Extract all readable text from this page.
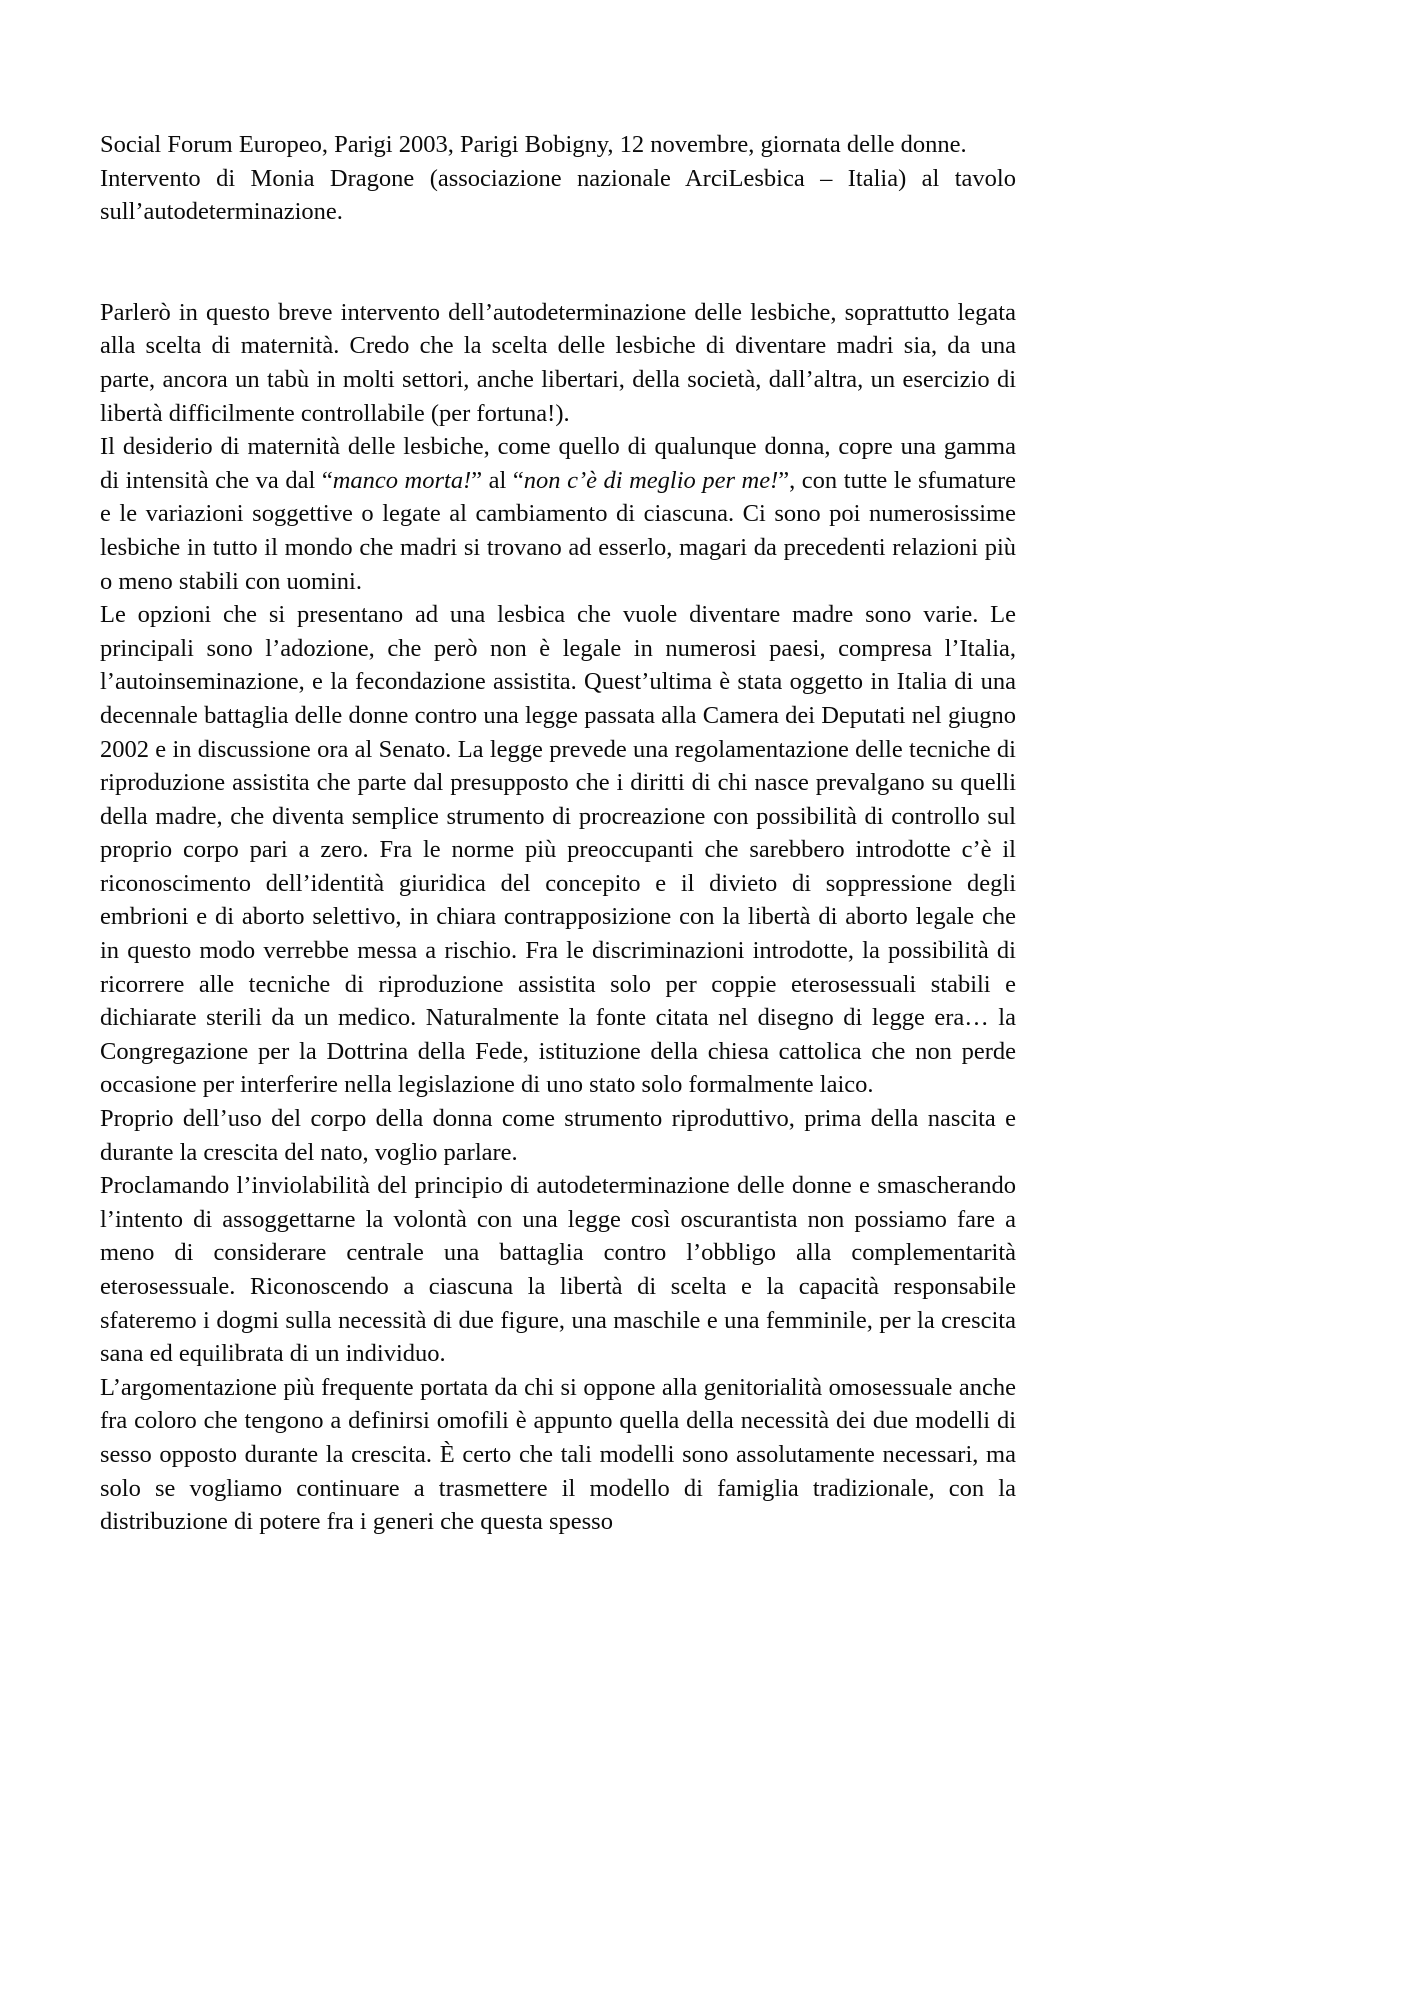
Social Forum Europeo, Parigi 2003, Parigi Bobigny, 12 novembre, giornata delle donne.

Intervento di Monia Dragone (associazione nazionale ArciLesbica – Italia) al tavolo sull’autodeterminazione.

Parlerò in questo breve intervento dell’autodeterminazione delle lesbiche, soprattutto legata alla scelta di maternità. Credo che la scelta delle lesbiche di diventare madri sia, da una parte, ancora un tabù in molti settori, anche libertari, della società, dall’altra, un esercizio di libertà difficilmente controllabile (per fortuna!).

Il desiderio di maternità delle lesbiche, come quello di qualunque donna, copre una gamma di intensità che va dal “manco morta!” al “non c’è di meglio per me!”, con tutte le sfumature e le variazioni soggettive o legate al cambiamento di ciascuna. Ci sono poi numerosissime lesbiche in tutto il mondo che madri si trovano ad esserlo, magari da precedenti relazioni più o meno stabili con uomini.

Le opzioni che si presentano ad una lesbica che vuole diventare madre sono varie. Le principali sono l’adozione, che però non è legale in numerosi paesi, compresa l’Italia, l’autoinseminazione, e la fecondazione assistita. Quest’ultima è stata oggetto in Italia di una decennale battaglia delle donne contro una legge passata alla Camera dei Deputati nel giugno 2002 e in discussione ora al Senato. La legge prevede una regolamentazione delle tecniche di riproduzione assistita che parte dal presupposto che i diritti di chi nasce prevalgano su quelli della madre, che diventa semplice strumento di procreazione con possibilità di controllo sul proprio corpo pari a zero. Fra le norme più preoccupanti che sarebbero introdotte c’è il riconoscimento dell’identità giuridica del concepito e il divieto di soppressione degli embrioni e di aborto selettivo, in chiara contrapposizione con la libertà di aborto legale che in questo modo verrebbe messa a rischio. Fra le discriminazioni introdotte, la possibilità di ricorrere alle tecniche di riproduzione assistita solo per coppie eterosessuali stabili e dichiarate sterili da un medico. Naturalmente la fonte citata nel disegno di legge era… la Congregazione per la Dottrina della Fede, istituzione della chiesa cattolica che non perde occasione per interferire nella legislazione di uno stato solo formalmente laico.

Proprio dell’uso del corpo della donna come strumento riproduttivo, prima della nascita e durante la crescita del nato, voglio parlare.

Proclamando l’inviolabilità del principio di autodeterminazione delle donne e smascherando l’intento di assoggettarne la volontà con una legge così oscurantista non possiamo fare a meno di considerare centrale una battaglia contro l’obbligo alla complementarità eterosessuale. Riconoscendo a ciascuna la libertà di scelta e la capacità responsabile sfateremo i dogmi sulla necessità di due figure, una maschile e una femminile, per la crescita sana ed equilibrata di un individuo.

L’argomentazione più frequente portata da chi si oppone alla genitorialità omosessuale anche fra coloro che tengono a definirsi omofili è appunto quella della necessità dei due modelli di sesso opposto durante la crescita. È certo che tali modelli sono assolutamente necessari, ma solo se vogliamo continuare a trasmettere il modello di famiglia tradizionale, con la distribuzione di potere fra i generi che questa spesso
